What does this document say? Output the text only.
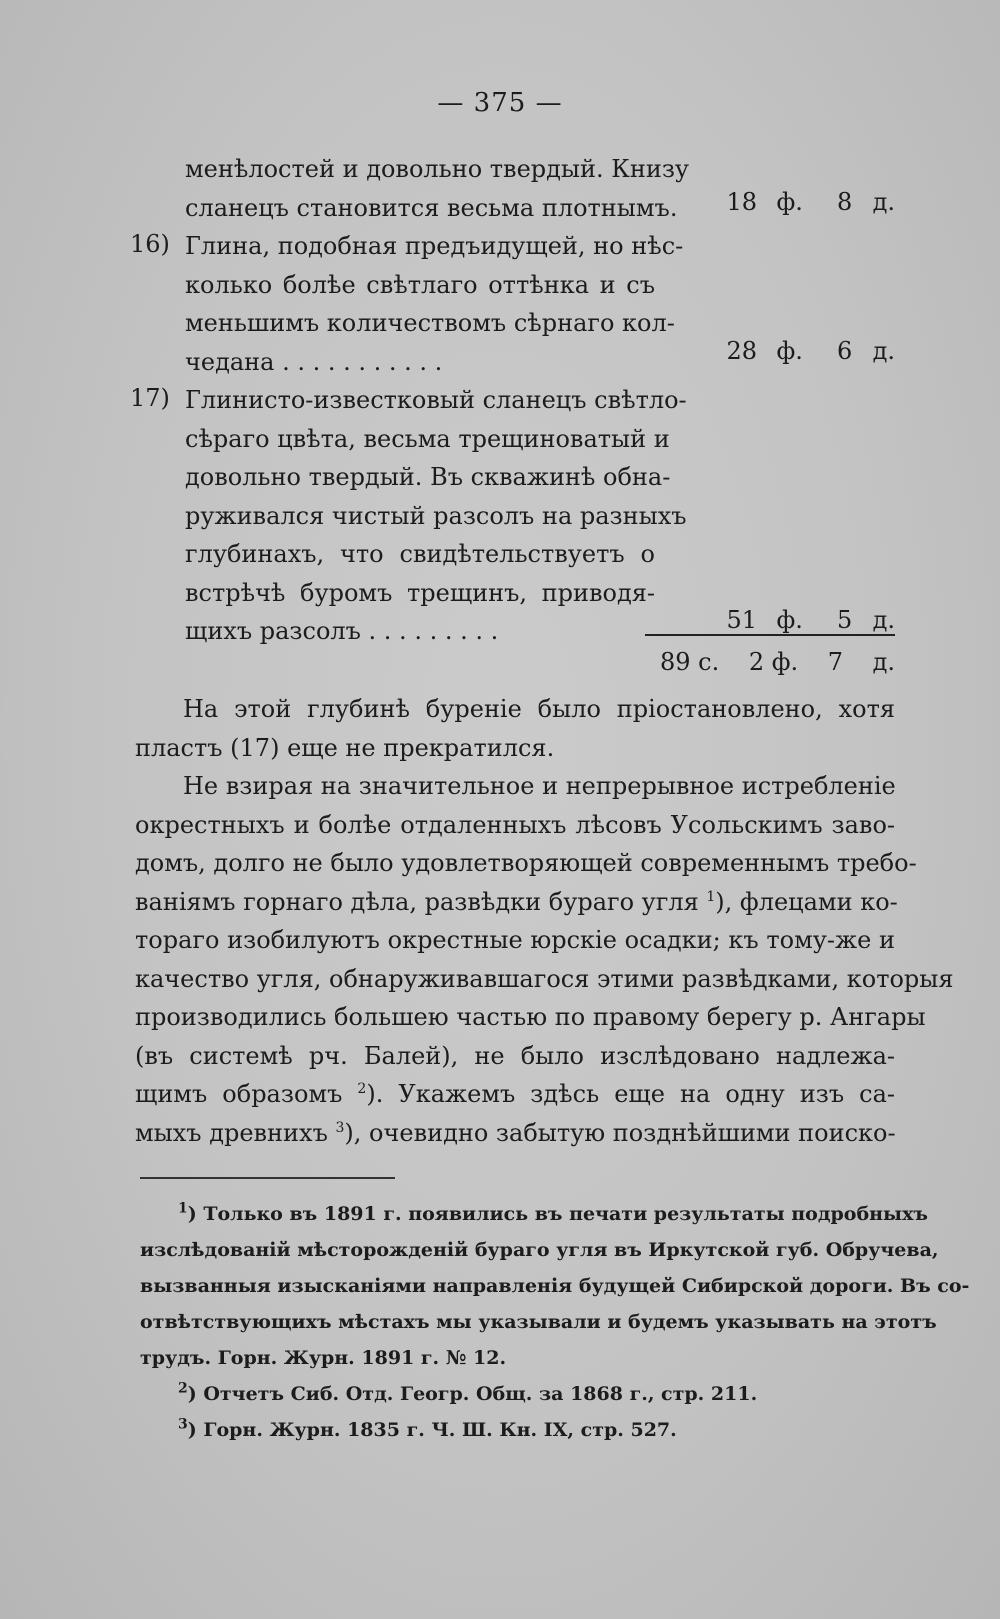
— 375 —
менѣлостей и довольно твердый. Книзу
сланецъ становится весьма плотнымъ.	18 ф.	8 д.
16) Глина, подобная предъидущей, но нѣс-
колько болѣе свѣтлаго оттѣнка и съ
меньшимъ количествомъ сѣрнаго кол-
чедана . . . . . . . . . . .	28 ф.	6 д.
17) Глинисто-известковый сланецъ свѣтло-
сѣраго цвѣта, весьма трещиноватый и
довольно твердый. Въ скважинѣ обна-
руживался чистый разсолъ на разныхъ
глубинахъ, что свидѣтельствуетъ о
встрѣчѣ буромъ трещинъ, приводя-
щихъ разсолъ . . . . . . . . .	51 ф.	5 д.
89 с. 2 ф. 7 д.

На этой глубинѣ буренiе было прiостановлено, хотя
пластъ (17) еще не прекратился.

Не взирая на значительное и непрерывное истребленiе
окрестныхъ и болѣе отдаленныхъ лѣсовъ Усольскимъ заво-
домъ, долго не было удовлетворяющей современнымъ требо-
ванiямъ горнаго дѣла, развѣдки бураго угля $^1$), флецами ко-
тораго изобилуютъ окрестные юрскiе осадки; къ тому-же и
качество угля, обнаруживавшагося этими развѣдками, которыя
производились большею частью по правому берегу р. Ангары
(въ системѣ рч. Балей), не было изслѣдовано надлежа-
щимъ образомъ $^2$). Укажемъ здѣсь еще на одну изъ са-
мыхъ древнихъ $^3$), очевидно забытую позднѣйшими поиско-

$^1$) Только въ 1891 г. появились въ печати результаты подробныхъ
изслѣдованiй мѣсторожденiй бураго угля въ Иркутской губ. Обручева,
вызванныя изысканiями направленiя будущей Сибирской дороги. Въ со-
отвѣтствующихъ мѣстахъ мы указывали и будемъ указывать на этотъ
трудъ. Горн. Журн. 1891 г. № 12.

$^2$) Отчетъ Сиб. Отд. Геогр. Общ. за 1868 г., стр. 211.

$^3$) Горн. Журн. 1835 г. Ч. Ш. Кн. IX, стр. 527.
